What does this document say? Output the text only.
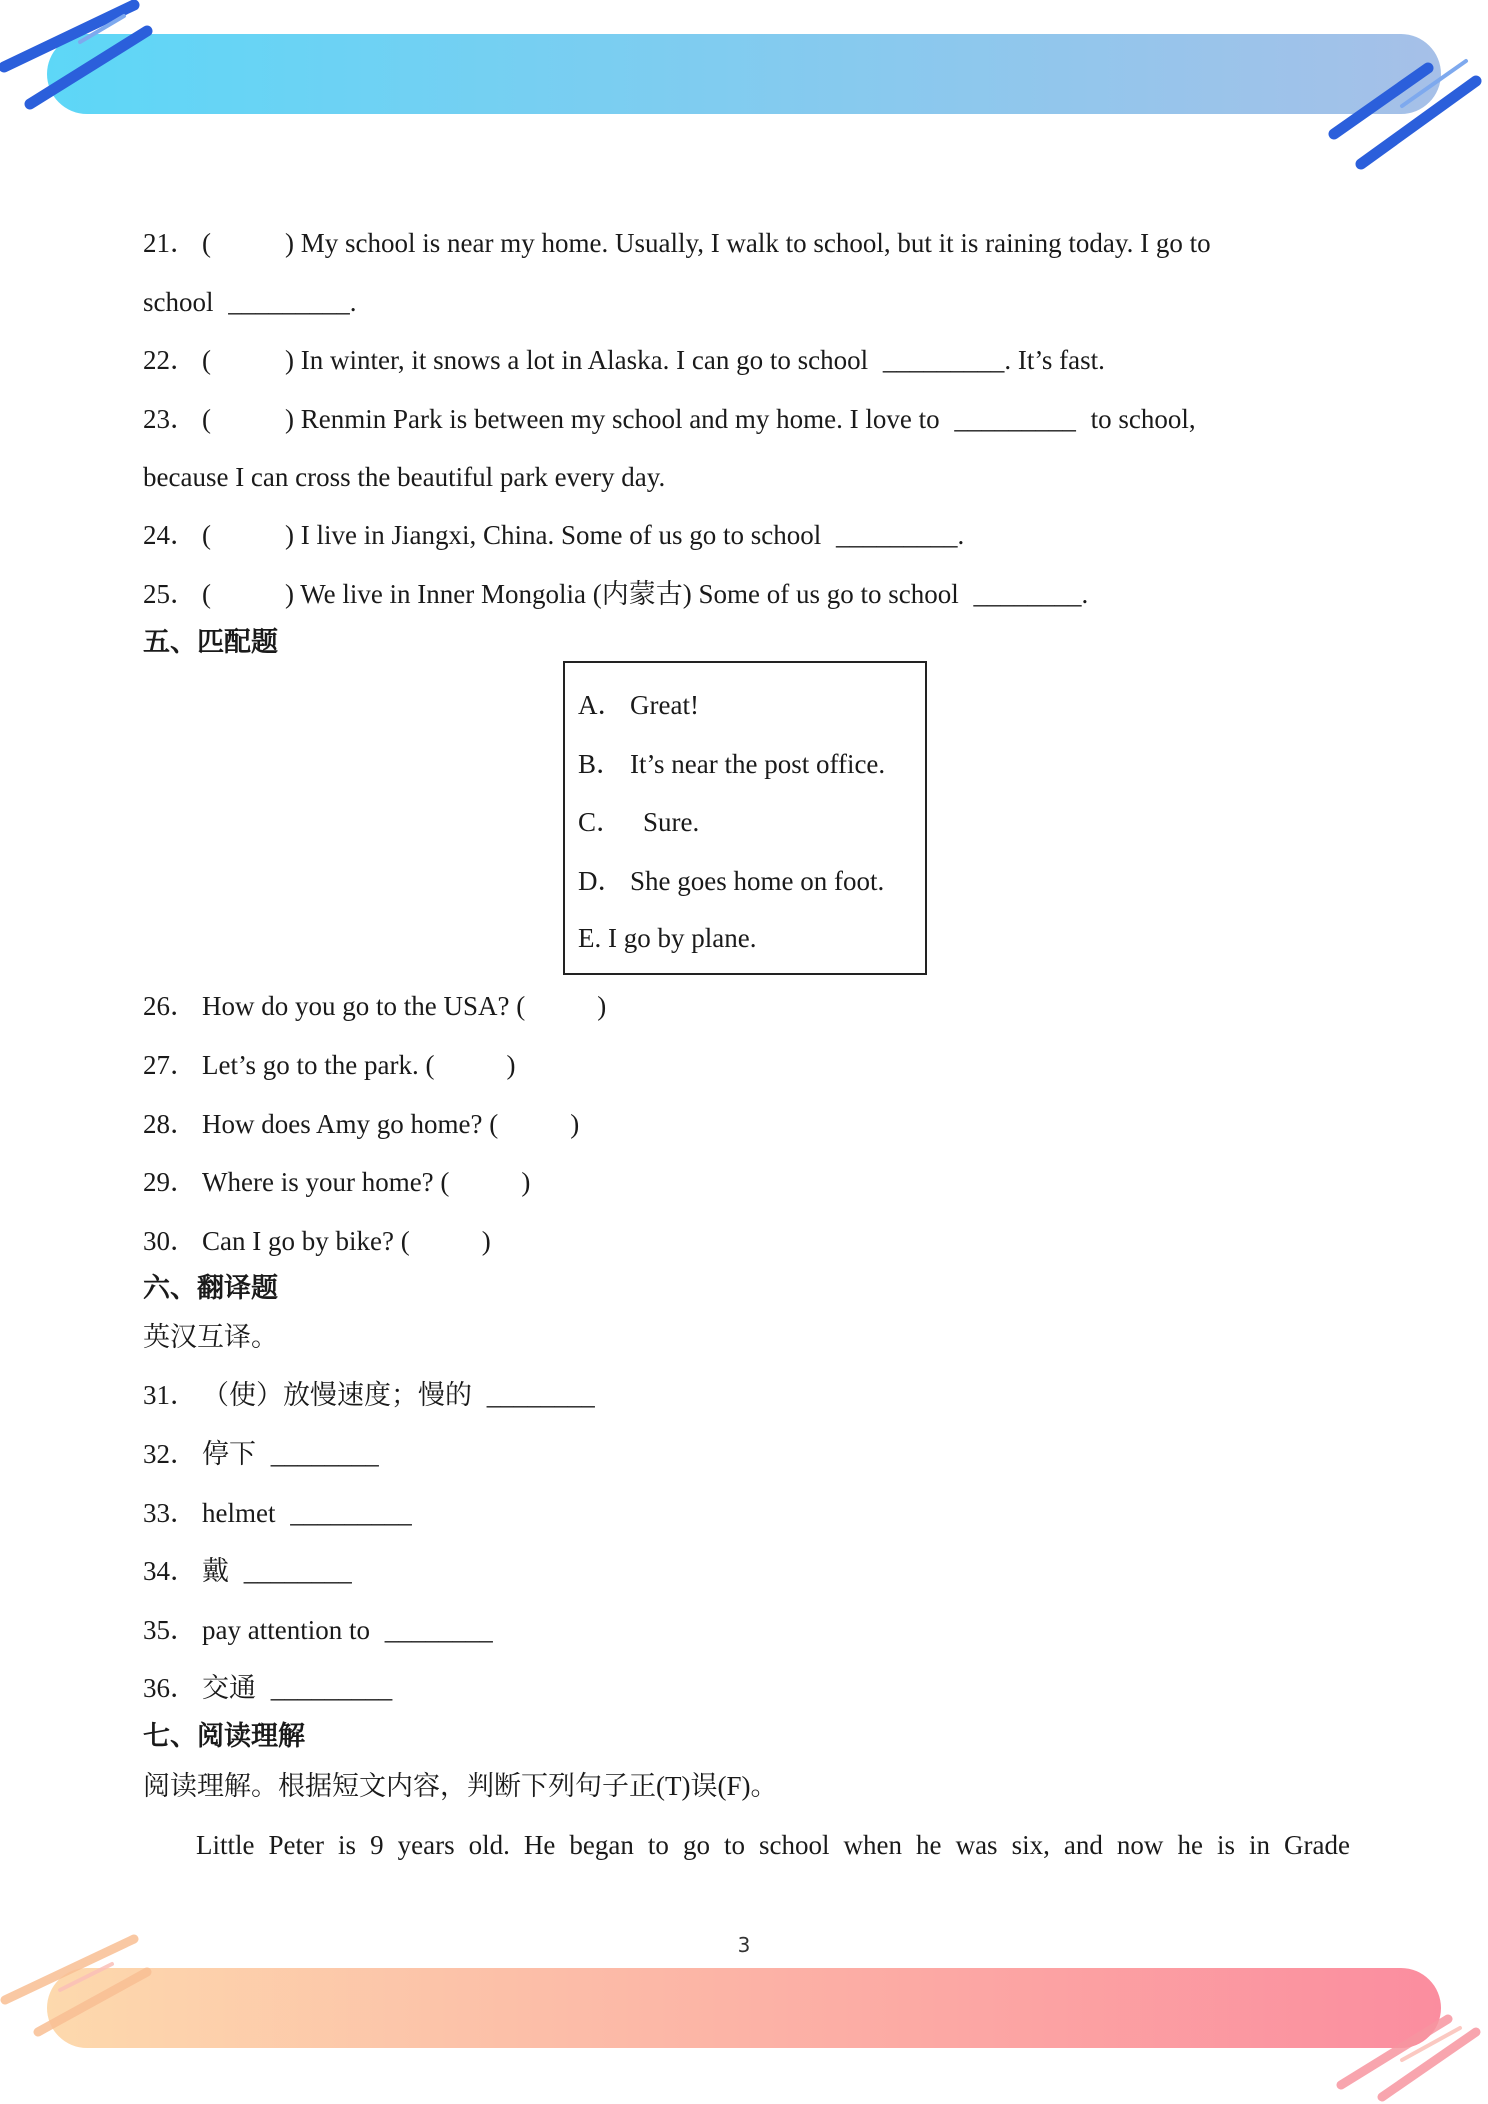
21． (	) My school is near my home. Usually, I walk to school, but it is raining today. I go to
school _________.
22． (	) In winter, it snows a lot in Alaska. I can go to school _________. It’s fast.
23． (	) Renmin Park is between my school and my home. I love to _________ to school,
because I can cross the beautiful park every day.
24． (	) I live in Jiangxi, China. Some of us go to school _________.
25． (	) We live in Inner Mongolia (内蒙古) Some of us go to school ________.
五、匹配题
A． Great!
B． It’s near the post office.
C． Sure.
D． She goes home on foot.
E. I go by plane.
26． How do you go to the USA? (	)
27． Let’s go to the park. (	)
28． How does Amy go home? (	)
29． Where is your home? (	)
30． Can I go by bike? (	)
六、翻译题
英汉互译。
31． （使）放慢速度；慢的 ________
32． 停下 ________
33． helmet _________
34． 戴 ________
35． pay attention to ________
36． 交通 _________
七、阅读理解
阅读理解。根据短文内容，判断下列句子正(T)误(F)。
Little Peter is 9 years old. He began to go to school when he was six, and now he is in Grade
3
